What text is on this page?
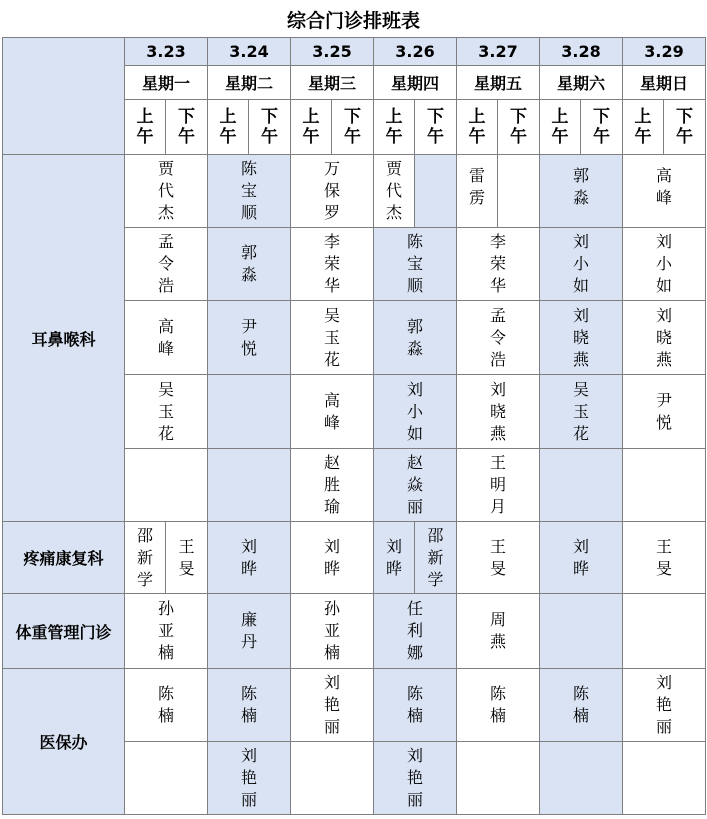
综合门诊排班表
	3.23		3.24		3.25		3.26		3.27		3.28		3.29	
	星期一		星期二		星期三		星期四		星期五		星期六		星期日	
	上午	下午	上午	下午	上午	下午	上午	下午	上午	下午	上午	下午	上午	下午
耳鼻喉科	贾代杰		陈宝顺		万保罗		贾代杰		雷雳		郭淼		高峰	
	孟令浩		郭淼		李荣华		陈宝顺		李荣华		刘小如		刘小如	
	高峰		尹悦		吴玉花		郭淼		孟令浩		刘晓燕		刘晓燕	
	吴玉花				高峰		刘小如		刘晓燕		吴玉花		尹悦	
					赵胜瑜		赵焱丽		王明月					
疼痛康复科	邵新学	王旻	刘晔		刘晔		刘晔	邵新学	王旻		刘晔		王旻	
体重管理门诊	孙亚楠		廉丹		孙亚楠		任利娜		周燕					
医保办	陈楠		陈楠		刘艳丽		陈楠		陈楠		陈楠		刘艳丽	
			刘艳丽				刘艳丽							
